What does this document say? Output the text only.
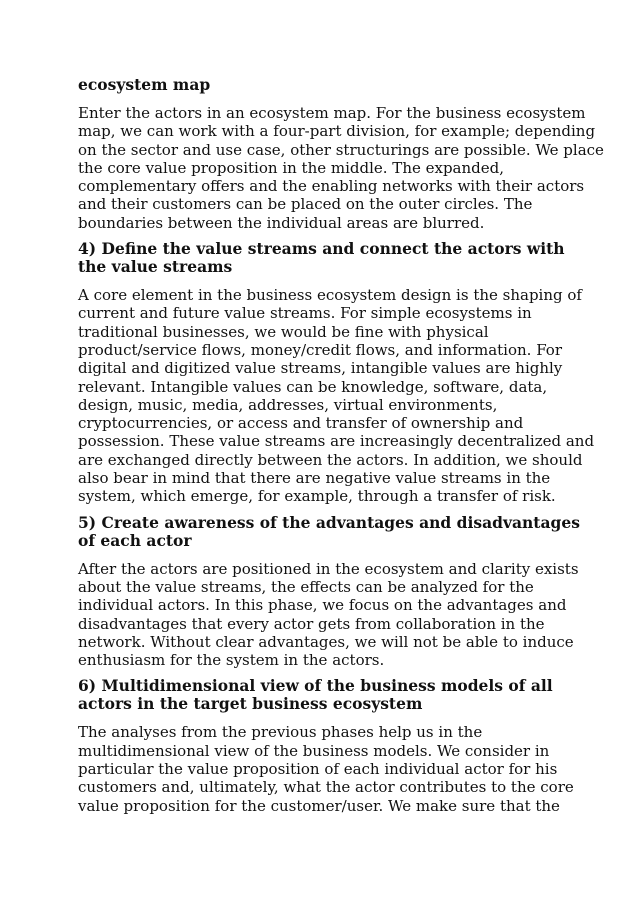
ecosystem map
Enter the actors in an ecosystem map. For the business ecosystem
map, we can work with a four-part division, for example; depending
on the sector and use case, other structurings are possible. We place
the core value proposition in the middle. The expanded,
complementary offers and the enabling networks with their actors
and their customers can be placed on the outer circles. The
boundaries between the individual areas are blurred.
4) Define the value streams and connect the actors with
the value streams
A core element in the business ecosystem design is the shaping of
current and future value streams. For simple ecosystems in
traditional businesses, we would be fine with physical
product/service flows, money/credit flows, and information. For
digital and digitized value streams, intangible values are highly
relevant. Intangible values can be knowledge, software, data,
design, music, media, addresses, virtual environments,
cryptocurrencies, or access and transfer of ownership and
possession. These value streams are increasingly decentralized and
are exchanged directly between the actors. In addition, we should
also bear in mind that there are negative value streams in the
system, which emerge, for example, through a transfer of risk.
5) Create awareness of the advantages and disadvantages
of each actor
After the actors are positioned in the ecosystem and clarity exists
about the value streams, the effects can be analyzed for the
individual actors. In this phase, we focus on the advantages and
disadvantages that every actor gets from collaboration in the
network. Without clear advantages, we will not be able to induce
enthusiasm for the system in the actors.
6) Multidimensional view of the business models of all
actors in the target business ecosystem
The analyses from the previous phases help us in the
multidimensional view of the business models. We consider in
particular the value proposition of each individual actor for his
customers and, ultimately, what the actor contributes to the core
value proposition for the customer/user. We make sure that the
